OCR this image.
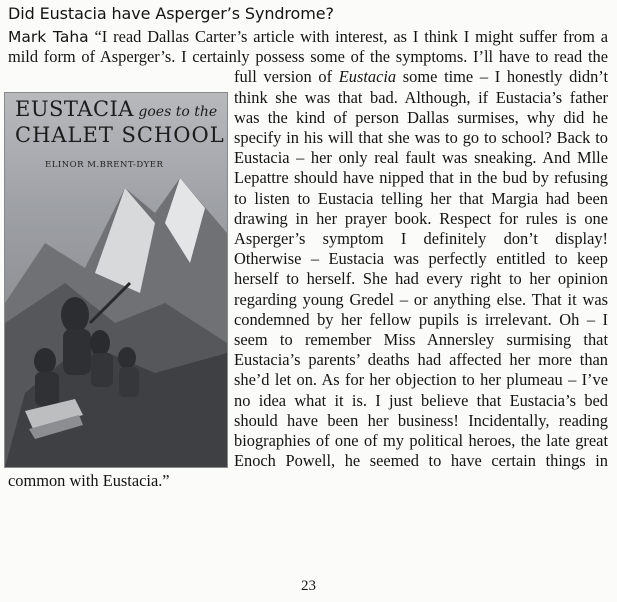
Did Eustacia have Asperger’s Syndrome?
Mark Taha “I read Dallas Carter’s article with interest, as I think I might suffer from a mild form of Asperger’s. I certainly possess some of the symptoms. I’ll have to read the full version of
EUSTACIA goes to the
CHALET SCHOOL
ELINOR M.BRENT-DYER
Eustacia some time – I honestly didn’t think she was that bad. Although, if Eustacia’s father was the kind of person Dallas surmises, why did he specify in his will that she was to go to school? Back to Eustacia – her only real fault was sneaking. And Mlle Lepattre should have nipped that in the bud by refusing to listen to Eustacia telling her that Margia had been drawing in her prayer book. Respect for rules is one Asperger’s symptom I definitely don’t display! Otherwise – Eustacia was perfectly entitled to keep herself to herself. She had every right to her opinion regarding young Gredel – or anything else. That it was condemned by her fellow pupils is irrelevant. Oh – I seem to remember Miss Annersley surmising that Eustacia’s parents’ deaths had affected her more than she’d let on. As for her objection to her plumeau – I’ve no idea what it is. I just believe that Eustacia’s bed should have been her business! Incidentally, reading biographies of one of my political heroes, the late great Enoch Powell, he seemed to have certain things in common with Eustacia.”
23
